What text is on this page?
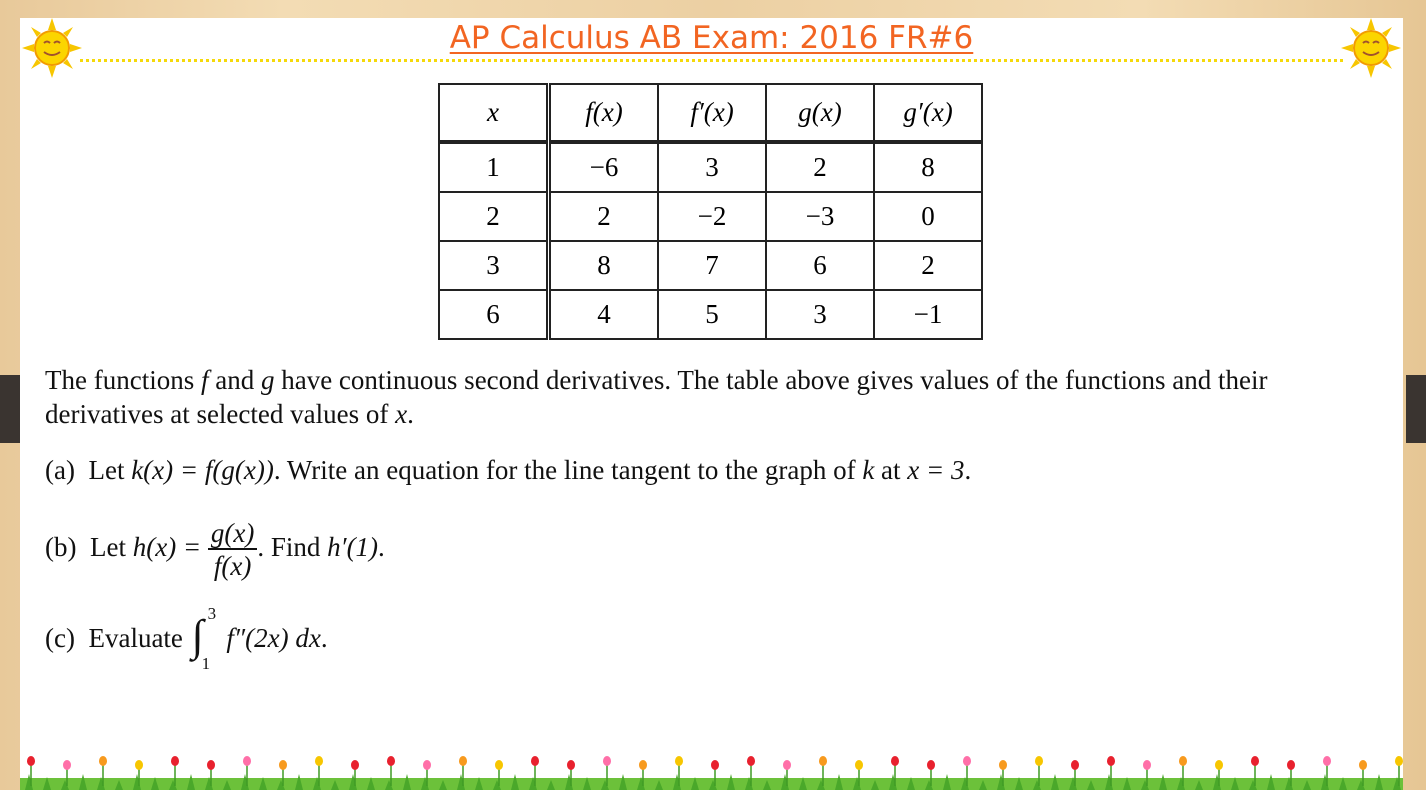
AP Calculus AB Exam: 2016 FR#6
x	f(x)	f′(x)	g(x)	g′(x)
1	−6	3	2	8
2	2	−2	−3	0
3	8	7	6	2
6	4	5	3	−1
The functions f and g have continuous second derivatives. The table above gives values of the functions and their derivatives at selected values of x.
(a) Let k(x) = f(g(x)). Write an equation for the line tangent to the graph of k at x = 3.
(b) Let $h(x) = \frac{g(x)}{f(x)}$ . Find h′(1).
(c) Evaluate ∫ 3
1
f″(2x) dx.
